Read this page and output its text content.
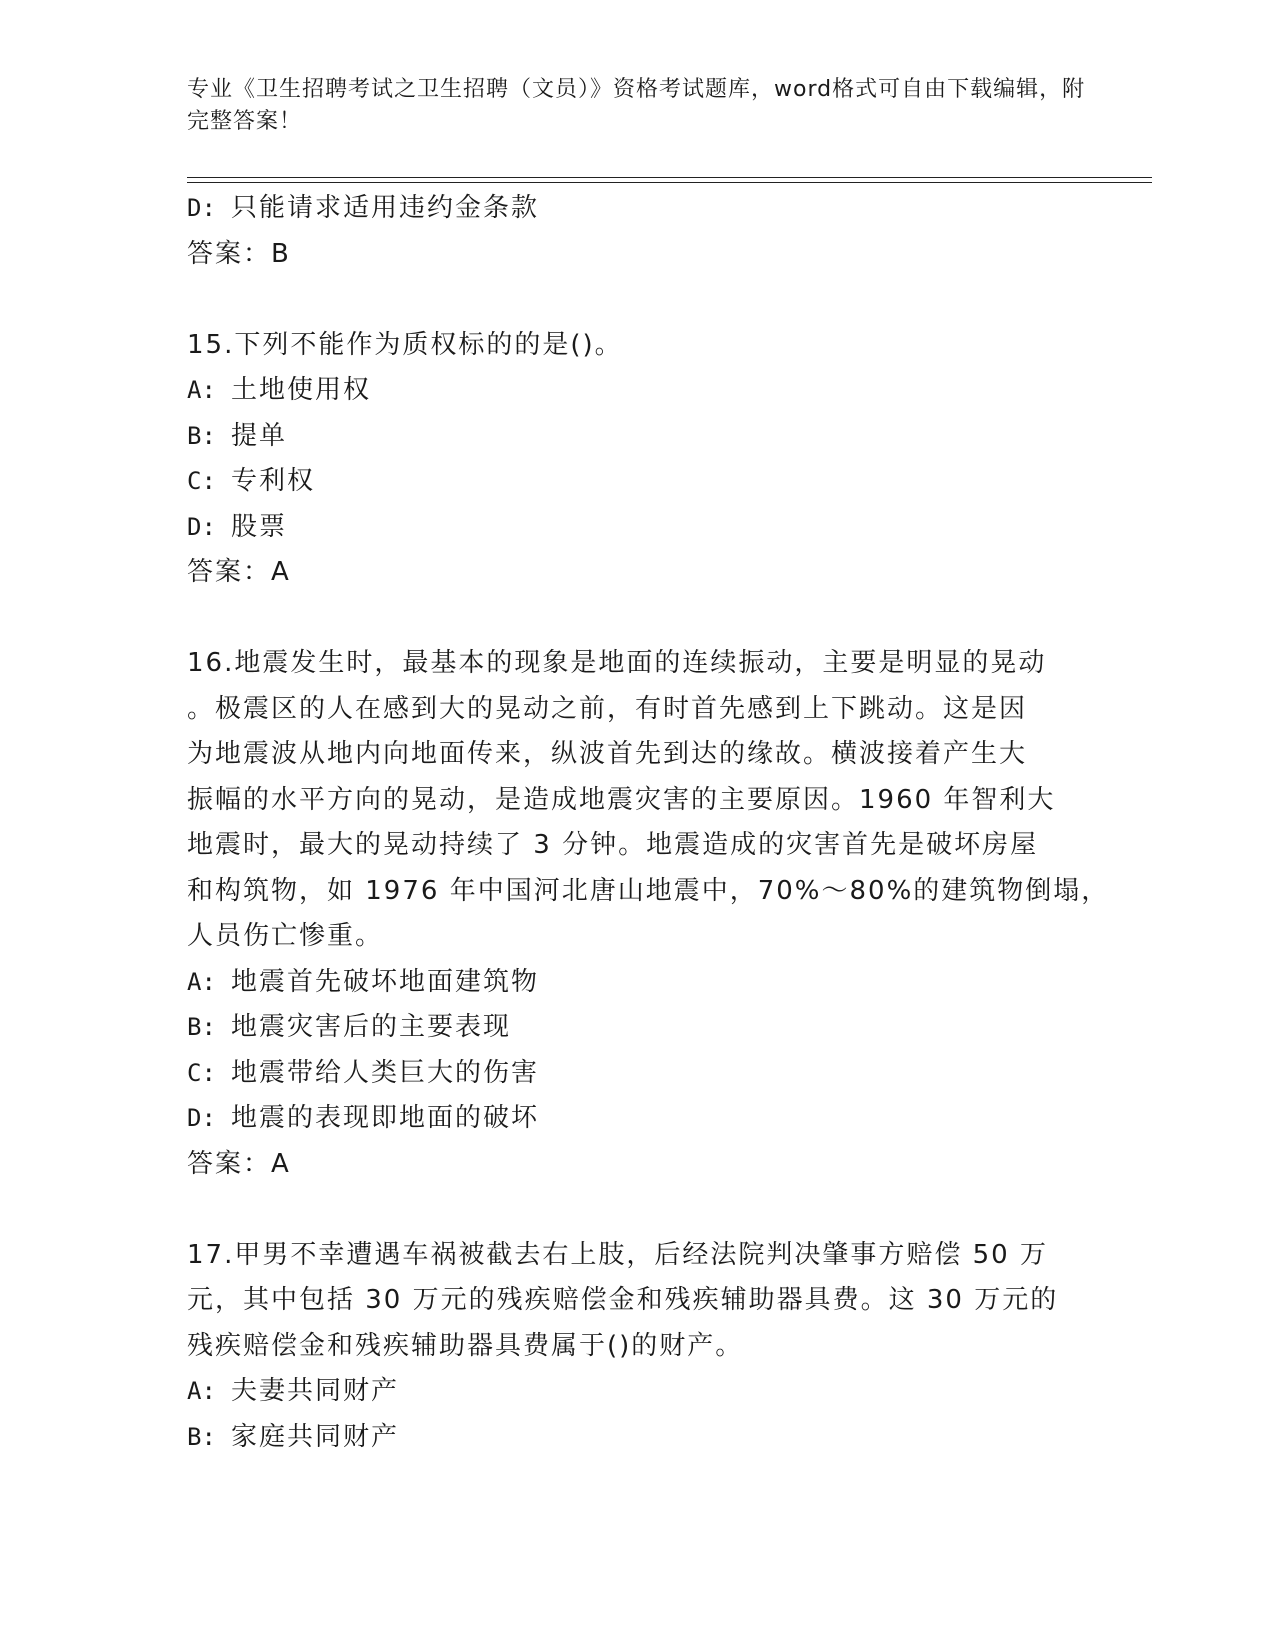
专业《卫生招聘考试之卫生招聘（文员）》资格考试题库，word格式可自由下载编辑，附完整答案！
D: 只能请求适用违约金条款
答案：B
15.下列不能作为质权标的的是()。
A: 土地使用权
B: 提单
C: 专利权
D: 股票
答案：A
16.地震发生时，最基本的现象是地面的连续振动，主要是明显的晃动
。极震区的人在感到大的晃动之前，有时首先感到上下跳动。这是因
为地震波从地内向地面传来，纵波首先到达的缘故。横波接着产生大
振幅的水平方向的晃动，是造成地震灾害的主要原因。1960 年智利大
地震时，最大的晃动持续了 3 分钟。地震造成的灾害首先是破坏房屋
和构筑物，如 1976 年中国河北唐山地震中，70%～80%的建筑物倒塌，
人员伤亡惨重。
A: 地震首先破坏地面建筑物
B: 地震灾害后的主要表现
C: 地震带给人类巨大的伤害
D: 地震的表现即地面的破坏
答案：A
17.甲男不幸遭遇车祸被截去右上肢，后经法院判决肇事方赔偿 50 万
元，其中包括 30 万元的残疾赔偿金和残疾辅助器具费。这 30 万元的
残疾赔偿金和残疾辅助器具费属于()的财产。
A: 夫妻共同财产
B: 家庭共同财产
